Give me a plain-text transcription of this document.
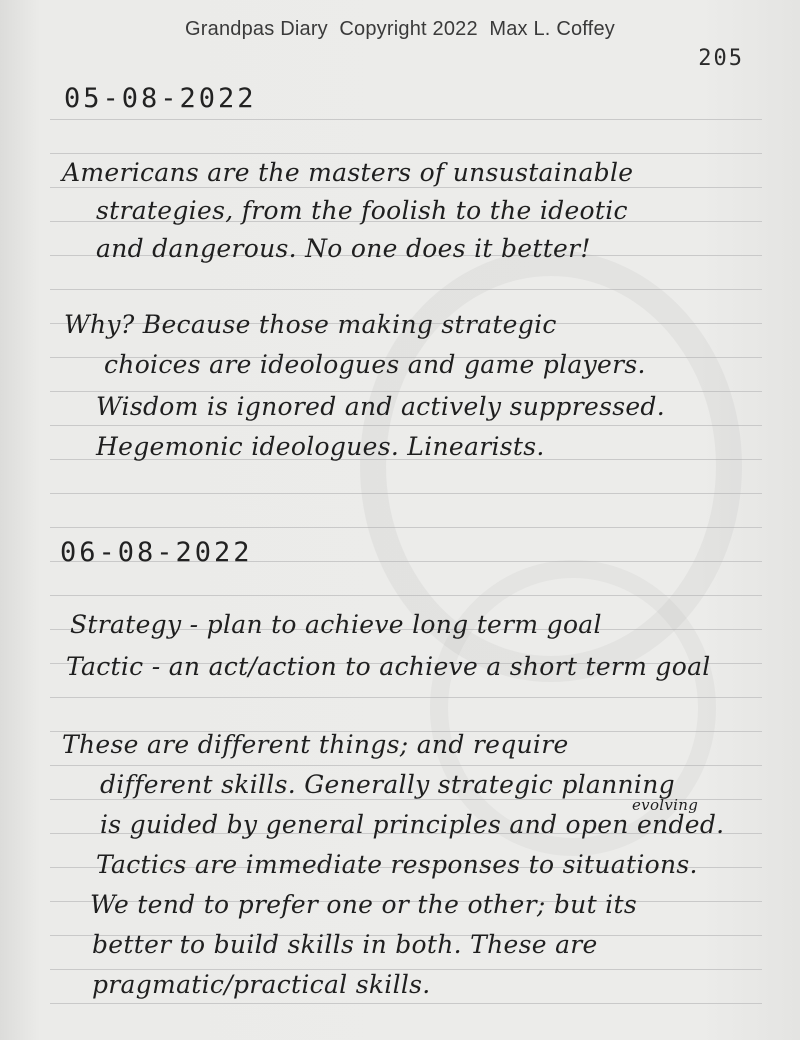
Grandpas Diary  Copyright 2022  Max L. Coffey
205
05-08-2022
Americans are the masters of unsustainable
strategies, from the foolish to the ideotic
and dangerous. No one does it better!
Why? Because those making strategic
choices are ideologues and game players.
Wisdom is ignored and actively suppressed.
Hegemonic ideologues. Linearists.
06-08-2022
Strategy - plan to achieve long term goal
Tactic - an act/action to achieve a short term goal
These are different things; and require
different skills. Generally strategic planning
evolving
is guided by general principles and open ended.
Tactics are immediate responses to situations.
We tend to prefer one or the other; but its
better to build skills in both. These are
pragmatic/practical skills.
